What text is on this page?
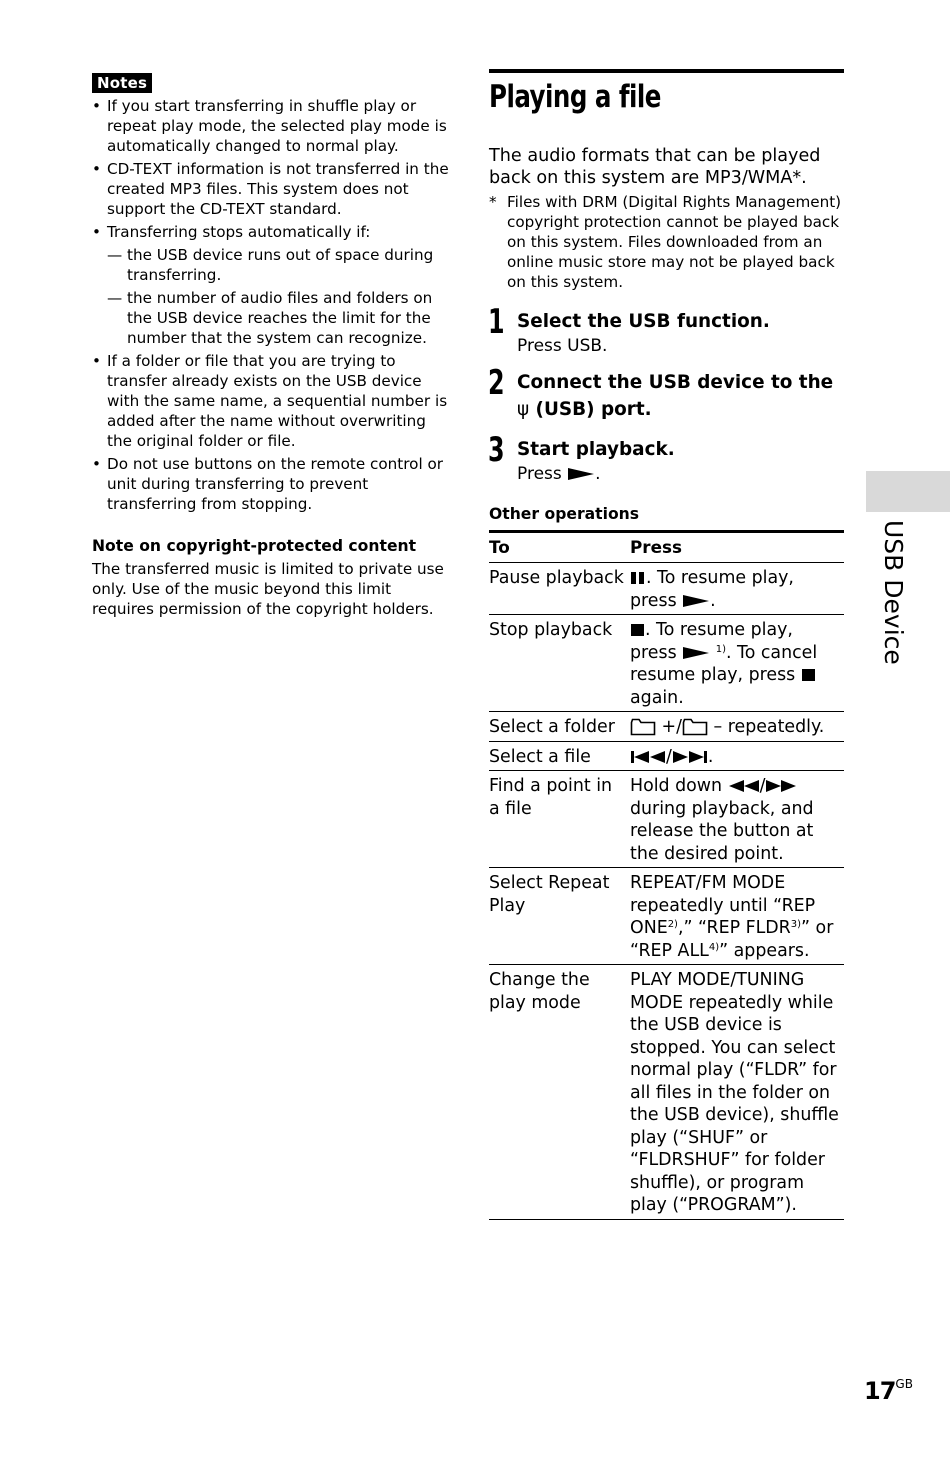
Notes
• If you start transferring in shuffle play or repeat play mode, the selected play mode is automatically changed to normal play.
• CD-TEXT information is not transferred in the created MP3 files. This system does not support the CD-TEXT standard.
• Transferring stops automatically if:
— the USB device runs out of space during transferring.
— the number of audio files and folders on the USB device reaches the limit for the number that the system can recognize.
• If a folder or file that you are trying to transfer already exists on the USB device with the same name, a sequential number is added after the name without overwriting the original folder or file.
• Do not use buttons on the remote control or unit during transferring to prevent transferring from stopping.
Note on copyright-protected content
The transferred music is limited to private use only. Use of the music beyond this limit requires permission of the copyright holders.
Playing a file
The audio formats that can be played back on this system are MP3/WMA*.
* Files with DRM (Digital Rights Management) copyright protection cannot be played back on this system. Files downloaded from an online music store may not be played back on this system.
1 Select the USB function.
Press USB.
2 Connect the USB device to the
ψ (USB) port.
3 Start playback.
Press .
Other operations
To	Press
Pause playback	. To resume play, press .
Stop playback	. To resume play, press $^{1)}$. To cancel resume play, press  again.
Select a folder	+/ – repeatedly.
Select a file	/ .
Find a point in a file	Hold down / during playback, and release the button at the desired point.
Select Repeat Play	REPEAT/FM MODE repeatedly until “REP ONE$^{2)}$,” “REP FLDR$^{3)}$” or “REP ALL$^{4)}$” appears.
Change the play mode	PLAY MODE/TUNING MODE repeatedly while the USB device is stopped. You can select normal play (“FLDR” for all files in the folder on the USB device), shuffle play (“SHUF” or “FLDRSHUF” for folder shuffle), or program play (“PROGRAM”).
USB Device
$17^{GB}$
